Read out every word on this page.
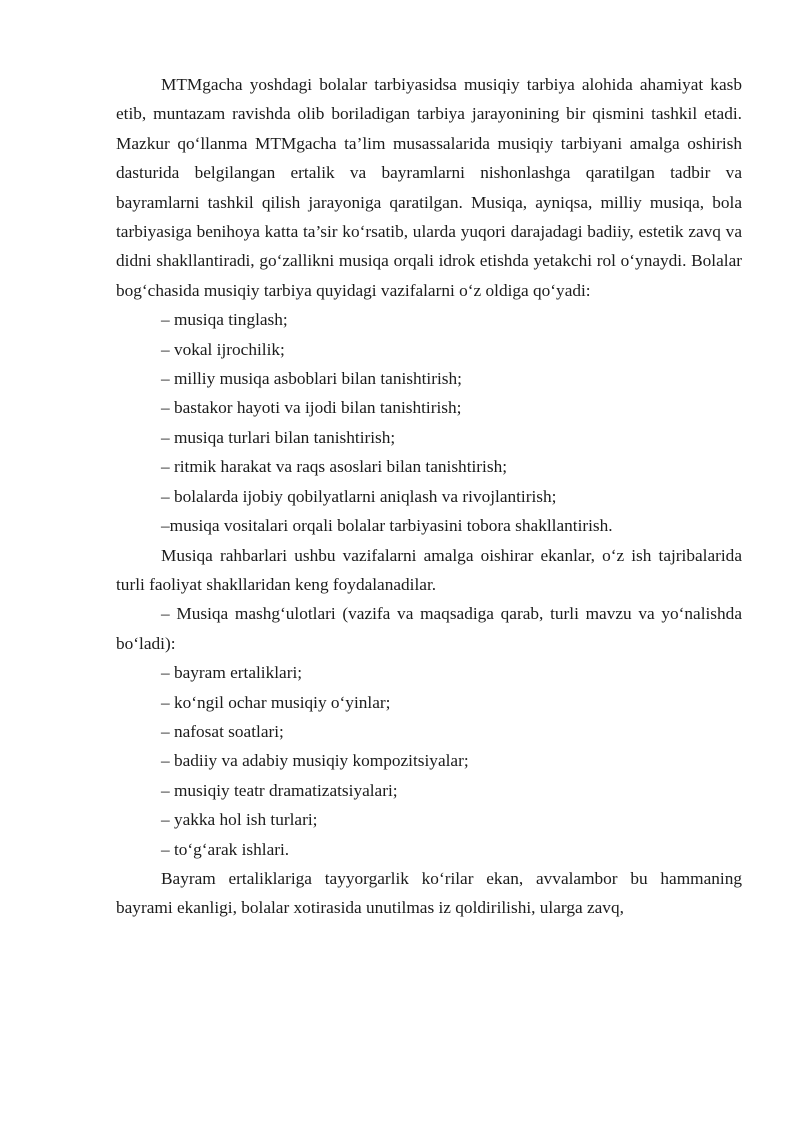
MTMgacha yoshdagi bolalar tarbiyasidsa musiqiy tarbiya alohida ahamiyat kasb etib, muntazam ravishda olib boriladigan tarbiya jarayonining bir qismini tashkil etadi. Mazkur qo‘llanma MTMgacha ta’lim musassalarida musiqiy tarbiyani amalga oshirish dasturida belgilangan ertalik va bayramlarni nishonlashga qaratilgan tadbir va bayramlarni tashkil qilish jarayoniga qaratilgan. Musiqa, ayniqsa, milliy musiqa, bola tarbiyasiga benihoya katta ta’sir ko‘rsatib, ularda yuqori darajadagi badiiy, estetik zavq va didni shakllantiradi, go‘zallikni musiqa orqali idrok etishda yetakchi rol o‘ynaydi. Bolalar bog‘chasida musiqiy tarbiya quyidagi vazifalarni o‘z oldiga qo‘yadi:

– musiqa tinglash;

– vokal ijrochilik;

– milliy musiqa asboblari bilan tanishtirish;

– bastakor hayoti va ijodi bilan tanishtirish;

– musiqa turlari bilan tanishtirish;

– ritmik harakat va raqs asoslari bilan tanishtirish;

– bolalarda ijobiy qobilyatlarni aniqlash va rivojlantirish;

–musiqa vositalari orqali bolalar tarbiyasini tobora shakllantirish.

Musiqa rahbarlari ushbu vazifalarni amalga oishirar ekanlar, o‘z ish tajribalarida turli faoliyat shakllaridan keng foydalanadilar.

– Musiqa mashg‘ulotlari (vazifa va maqsadiga qarab, turli mavzu va yo‘nalishda bo‘ladi):

– bayram ertaliklari;

– ko‘ngil ochar musiqiy o‘yinlar;

– nafosat soatlari;

– badiiy va adabiy musiqiy kompozitsiyalar;

– musiqiy teatr dramatizatsiyalari;

– yakka hol ish turlari;

– to‘g‘arak ishlari.

Bayram ertaliklariga tayyorgarlik ko‘rilar ekan, avvalambor bu hammaning bayrami ekanligi, bolalar xotirasida unutilmas iz qoldirilishi, ularga zavq,
